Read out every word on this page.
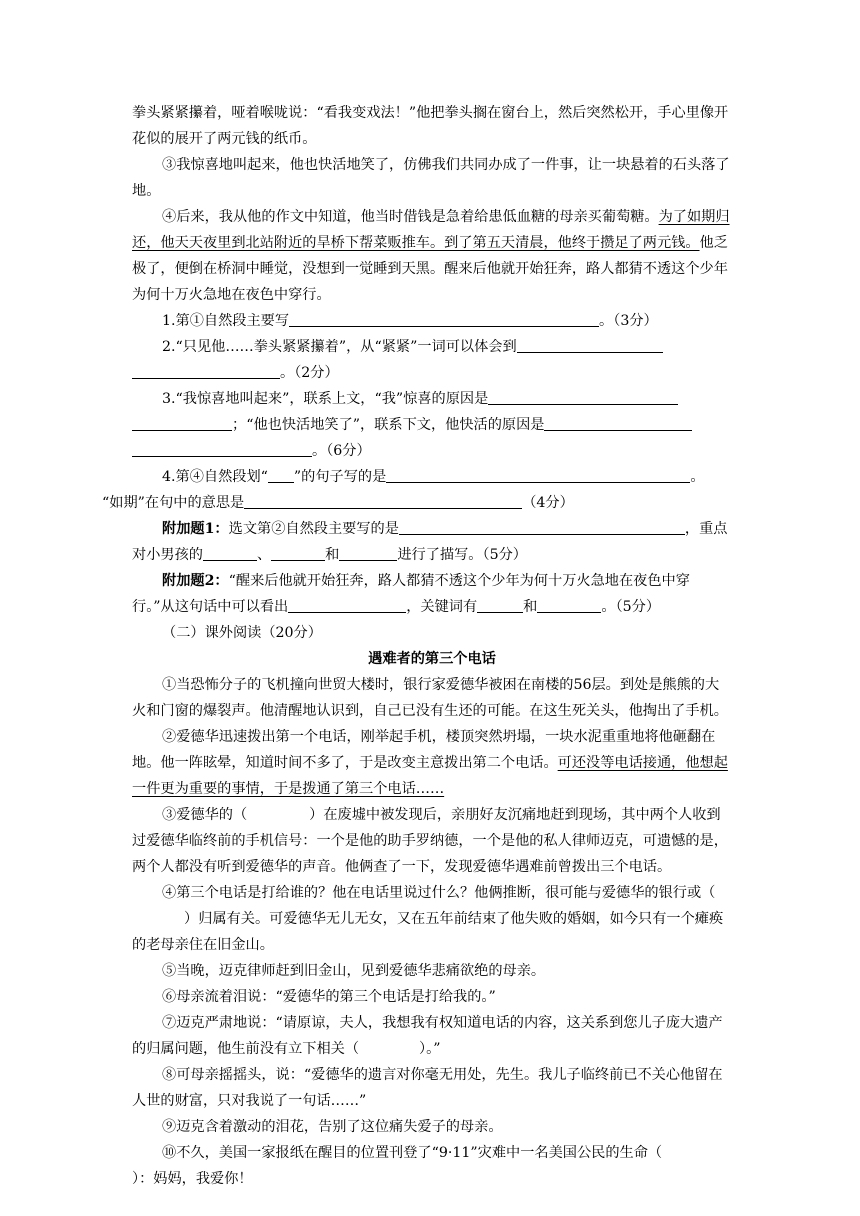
拳头紧紧攥着，哑着喉咙说：“看我变戏法！”他把拳头搁在窗台上，然后突然松开，手心里像开花似的展开了两元钱的纸币。
③我惊喜地叫起来，他也快活地笑了，仿佛我们共同办成了一件事，让一块悬着的石头落了地。
④后来，我从他的作文中知道，他当时借钱是急着给患低血糖的母亲买葡萄糖。为了如期归还，他天天夜里到北站附近的旱桥下帮菜贩推车。到了第五天清晨，他终于攒足了两元钱。他乏极了，便倒在桥洞中睡觉，没想到一觉睡到天黑。醒来后他就开始狂奔，路人都猜不透这个少年为何十万火急地在夜色中穿行。
1.第①自然段主要写	。（3分）
2.“只见他……拳头紧紧攥着”，从“紧紧”一词可以体会到
。（2分）
3.“我惊喜地叫起来”，联系上文，“我”惊喜的原因是
；“他也快活地笑了”，联系下文，他快活的原因是
。（6分）
4.第④自然段划“ ”的句子写的是	。
“如期”在句中的意思是	（4分）
附加题1：选文第②自然段主要写的是	，重点对小男孩的	、	和	进行了描写。（5分）
附加题2：“醒来后他就开始狂奔，路人都猜不透这个少年为何十万火急地在夜色中穿行。”从这句话中可以看出	，关键词有	和	。（5分）
（二）课外阅读（20分）
遇难者的第三个电话
①当恐怖分子的飞机撞向世贸大楼时，银行家爱德华被困在南楼的56层。到处是熊熊的大火和门窗的爆裂声。他清醒地认识到，自己已没有生还的可能。在这生死关头，他掏出了手机。
②爱德华迅速拨出第一个电话，刚举起手机，楼顶突然坍塌，一块水泥重重地将他砸翻在地。他一阵眩晕，知道时间不多了，于是改变主意拨出第二个电话。可还没等电话接通，他想起一件更为重要的事情，于是拨通了第三个电话……
③爱德华的（	）在废墟中被发现后，亲朋好友沉痛地赶到现场，其中两个人收到过爱德华临终前的手机信号：一个是他的助手罗纳德，一个是他的私人律师迈克，可遗憾的是，两个人都没有听到爱德华的声音。他俩查了一下，发现爱德华遇难前曾拨出三个电话。
④第三个电话是打给谁的？他在电话里说过什么？他俩推断，很可能与爱德华的银行或（）归属有关。可爱德华无儿无女，又在五年前结束了他失败的婚姻，如今只有一个瘫痪的老母亲住在旧金山。
⑤当晚，迈克律师赶到旧金山，见到爱德华悲痛欲绝的母亲。
⑥母亲流着泪说：“爱德华的第三个电话是打给我的。”
⑦迈克严肃地说：“请原谅，夫人，我想我有权知道电话的内容，这关系到您儿子庞大遗产的归属问题，他生前没有立下相关（	）。”
⑧可母亲摇摇头，说：“爱德华的遗言对你毫无用处，先生。我儿子临终前已不关心他留在人世的财富，只对我说了一句话……”
⑨迈克含着激动的泪花，告别了这位痛失爱子的母亲。
⑩不久，美国一家报纸在醒目的位置刊登了“9·11”灾难中一名美国公民的生命（）：妈妈，我爱你！
